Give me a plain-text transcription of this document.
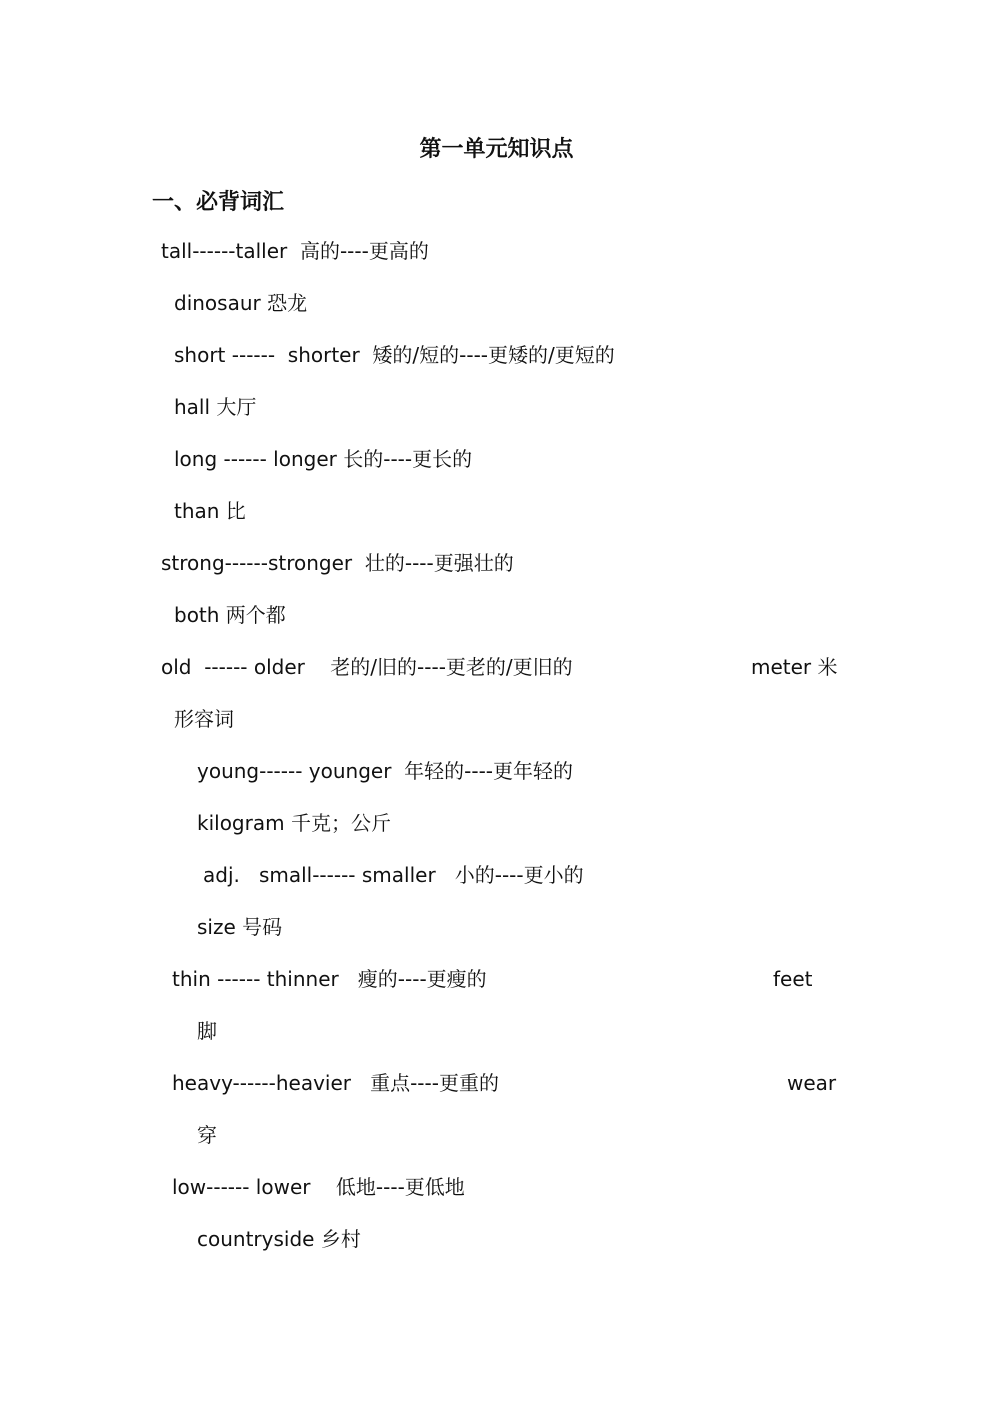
第一单元知识点
一、必背词汇
tall------taller  高的----更高的
dinosaur 恐龙
short ------  shorter  矮的/短的----更矮的/更短的
hall 大厅
long ------ longer 长的----更长的
than 比
strong------stronger  壮的----更强壮的
both 两个都
old  ------ older    老的/旧的----更老的/更旧的	meter 米
形容词
young------ younger  年轻的----更年轻的
kilogram 千克；公斤
adj.   small------ smaller   小的----更小的
size 号码
thin ------ thinner   瘦的----更瘦的	feet
脚
heavy------heavier   重点----更重的	wear
穿
low------ lower    低地----更低地
countryside 乡村
